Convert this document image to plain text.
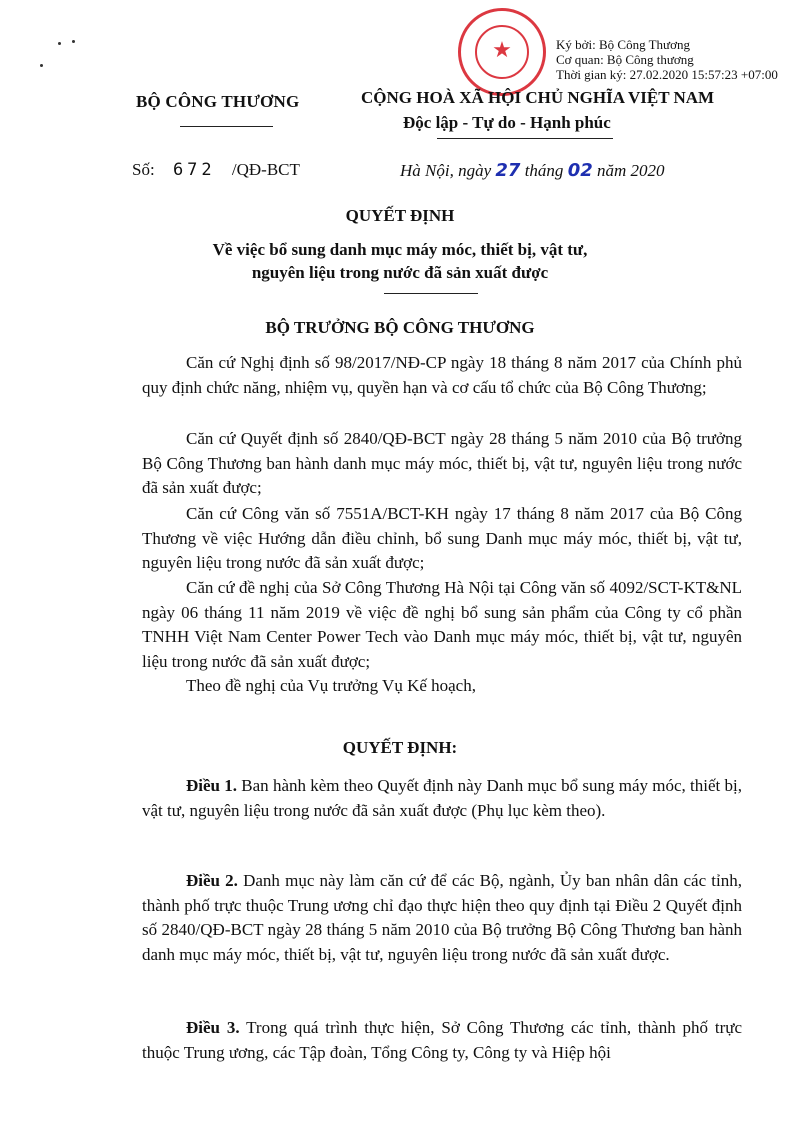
★	Ký bởi: Bộ Công Thương
Cơ quan: Bộ Công thương
Thời gian ký: 27.02.2020 15:57:23 +07:00
BỘ CÔNG THƯƠNG	CỘNG HOÀ XÃ HỘI CHỦ NGHĨA VIỆT NAM
Độc lập - Tự do - Hạnh phúc
Số: 672 /QĐ-BCT	Hà Nội, ngày 27 tháng 02 năm 2020
QUYẾT ĐỊNH
Về việc bổ sung danh mục máy móc, thiết bị, vật tư,
nguyên liệu trong nước đã sản xuất được
BỘ TRƯỞNG BỘ CÔNG THƯƠNG

Căn cứ Nghị định số 98/2017/NĐ-CP ngày 18 tháng 8 năm 2017 của Chính phủ quy định chức năng, nhiệm vụ, quyền hạn và cơ cấu tổ chức của Bộ Công Thương;

Căn cứ Quyết định số 2840/QĐ-BCT ngày 28 tháng 5 năm 2010 của Bộ trưởng Bộ Công Thương ban hành danh mục máy móc, thiết bị, vật tư, nguyên liệu trong nước đã sản xuất được;

Căn cứ Công văn số 7551A/BCT-KH ngày 17 tháng 8 năm 2017 của Bộ Công Thương về việc Hướng dẫn điều chỉnh, bổ sung Danh mục máy móc, thiết bị, vật tư, nguyên liệu trong nước đã sản xuất được;

Căn cứ đề nghị của Sở Công Thương Hà Nội tại Công văn số 4092/SCT-KT&NL ngày 06 tháng 11 năm 2019 về việc đề nghị bổ sung sản phẩm của Công ty cổ phần TNHH Việt Nam Center Power Tech vào Danh mục máy móc, thiết bị, vật tư, nguyên liệu trong nước đã sản xuất được;

Theo đề nghị của Vụ trưởng Vụ Kế hoạch,

QUYẾT ĐỊNH:

Điều 1. Ban hành kèm theo Quyết định này Danh mục bổ sung máy móc, thiết bị, vật tư, nguyên liệu trong nước đã sản xuất được (Phụ lục kèm theo).

Điều 2. Danh mục này làm căn cứ để các Bộ, ngành, Ủy ban nhân dân các tỉnh, thành phố trực thuộc Trung ương chỉ đạo thực hiện theo quy định tại Điều 2 Quyết định số 2840/QĐ-BCT ngày 28 tháng 5 năm 2010 của Bộ trưởng Bộ Công Thương ban hành danh mục máy móc, thiết bị, vật tư, nguyên liệu trong nước đã sản xuất được.

Điều 3. Trong quá trình thực hiện, Sở Công Thương các tỉnh, thành phố trực thuộc Trung ương, các Tập đoàn, Tổng Công ty, Công ty và Hiệp hội
